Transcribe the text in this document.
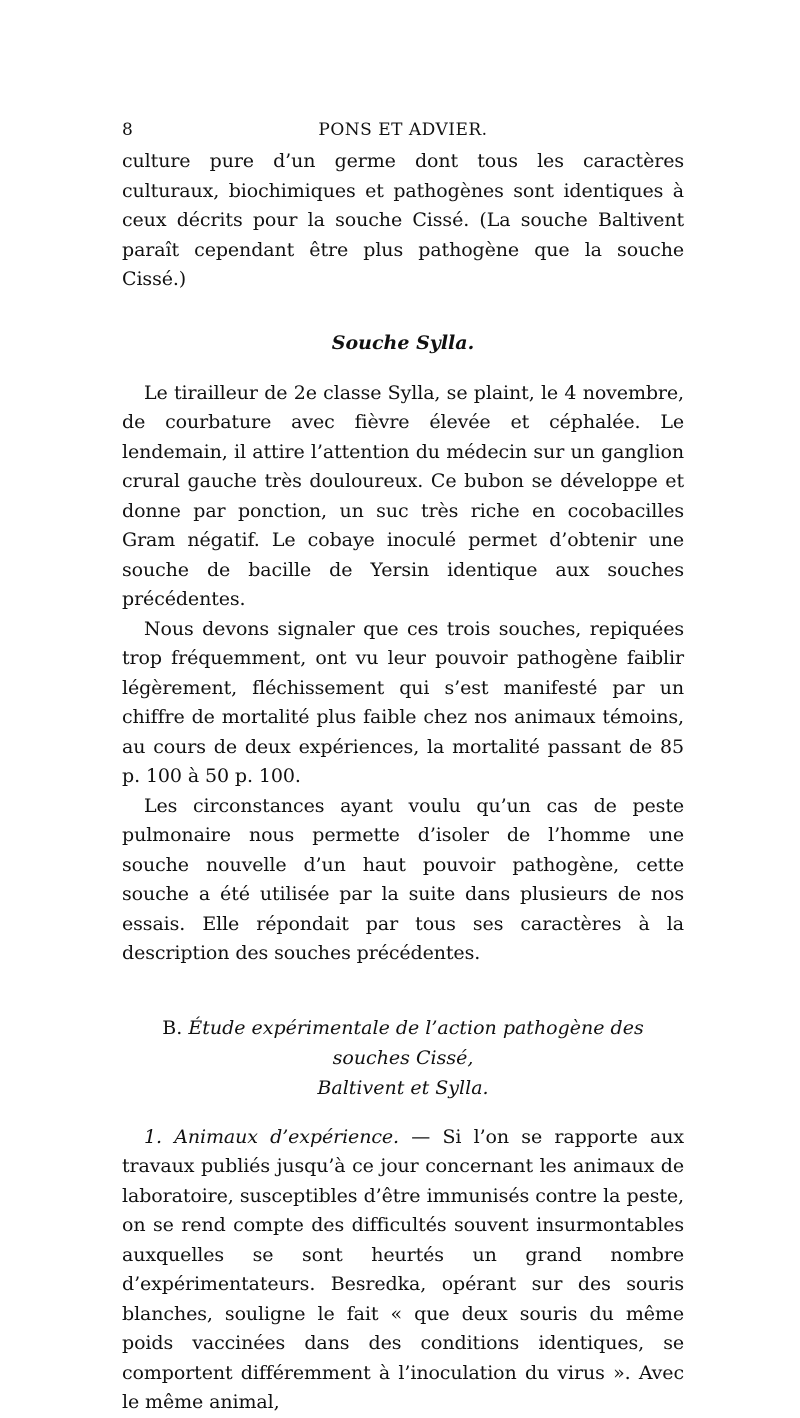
8	PONS ET ADVIER.

culture pure d’un germe dont tous les caractères culturaux, biochimiques et pathogènes sont identiques à ceux décrits pour la souche Cissé. (La souche Baltivent paraît cependant être plus pathogène que la souche Cissé.)

Souche Sylla.

Le tirailleur de 2e classe Sylla, se plaint, le 4 novembre, de courbature avec fièvre élevée et céphalée. Le lendemain, il attire l’attention du médecin sur un ganglion crural gauche très douloureux. Ce bubon se développe et donne par ponction, un suc très riche en cocobacilles Gram négatif. Le cobaye inoculé permet d’obtenir une souche de bacille de Yersin identique aux souches précédentes.

Nous devons signaler que ces trois souches, repiquées trop fréquemment, ont vu leur pouvoir pathogène faiblir légèrement, fléchissement qui s’est manifesté par un chiffre de mortalité plus faible chez nos animaux témoins, au cours de deux expériences, la mortalité passant de 85 p. 100 à 50 p. 100.

Les circonstances ayant voulu qu’un cas de peste pulmonaire nous permette d’isoler de l’homme une souche nouvelle d’un haut pouvoir pathogène, cette souche a été utilisée par la suite dans plusieurs de nos essais. Elle répondait par tous ses caractères à la description des souches précédentes.

B. Étude expérimentale de l’action pathogène des souches Cissé,
Baltivent et Sylla.

1. Animaux d’expérience. — Si l’on se rapporte aux travaux publiés jusqu’à ce jour concernant les animaux de laboratoire, susceptibles d’être immunisés contre la peste, on se rend compte des difficultés souvent insurmontables auxquelles se sont heurtés un grand nombre d’expérimentateurs. Besredka, opérant sur des souris blanches, souligne le fait « que deux souris du même poids vaccinées dans des conditions identiques, se comportent différemment à l’inoculation du virus ». Avec le même animal,
